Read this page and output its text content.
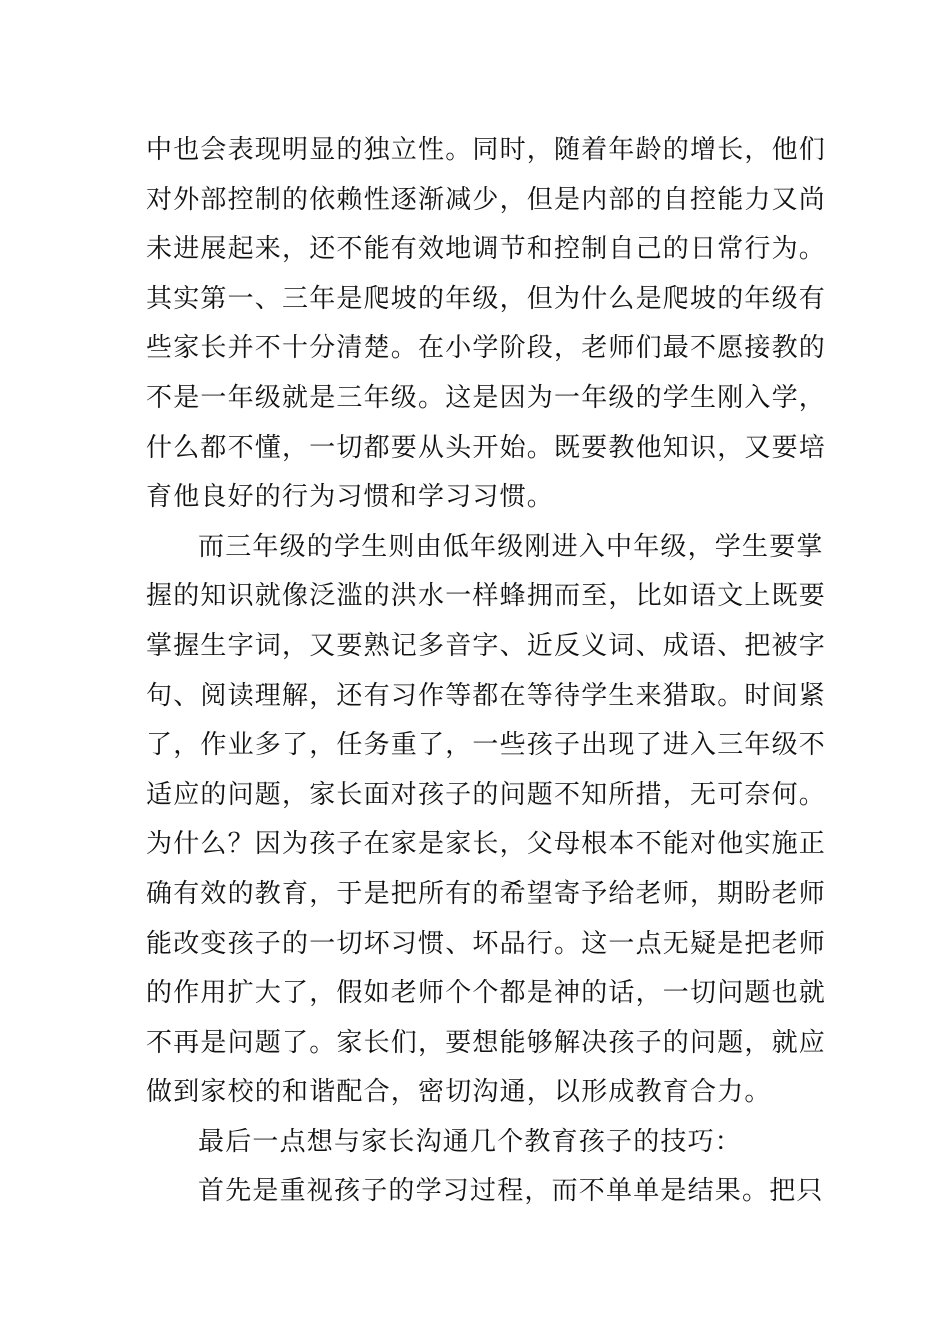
中也会表现明显的独立性。同时，随着年龄的增长，他们
对外部控制的依赖性逐渐减少，但是内部的自控能力又尚
未进展起来，还不能有效地调节和控制自己的日常行为。
其实第一、三年是爬坡的年级，但为什么是爬坡的年级有
些家长并不十分清楚。在小学阶段，老师们最不愿接教的
不是一年级就是三年级。这是因为一年级的学生刚入学，
什么都不懂，一切都要从头开始。既要教他知识，又要培
育他良好的行为习惯和学习习惯。
而三年级的学生则由低年级刚进入中年级，学生要掌
握的知识就像泛滥的洪水一样蜂拥而至，比如语文上既要
掌握生字词，又要熟记多音字、近反义词、成语、把被字
句、阅读理解，还有习作等都在等待学生来猎取。时间紧
了，作业多了，任务重了，一些孩子出现了进入三年级不
适应的问题，家长面对孩子的问题不知所措，无可奈何。
为什么？因为孩子在家是家长，父母根本不能对他实施正
确有效的教育，于是把所有的希望寄予给老师，期盼老师
能改变孩子的一切坏习惯、坏品行。这一点无疑是把老师
的作用扩大了，假如老师个个都是神的话，一切问题也就
不再是问题了。家长们，要想能够解决孩子的问题，就应
做到家校的和谐配合，密切沟通，以形成教育合力。
最后一点想与家长沟通几个教育孩子的技巧：
首先是重视孩子的学习过程，而不单单是结果。把只
